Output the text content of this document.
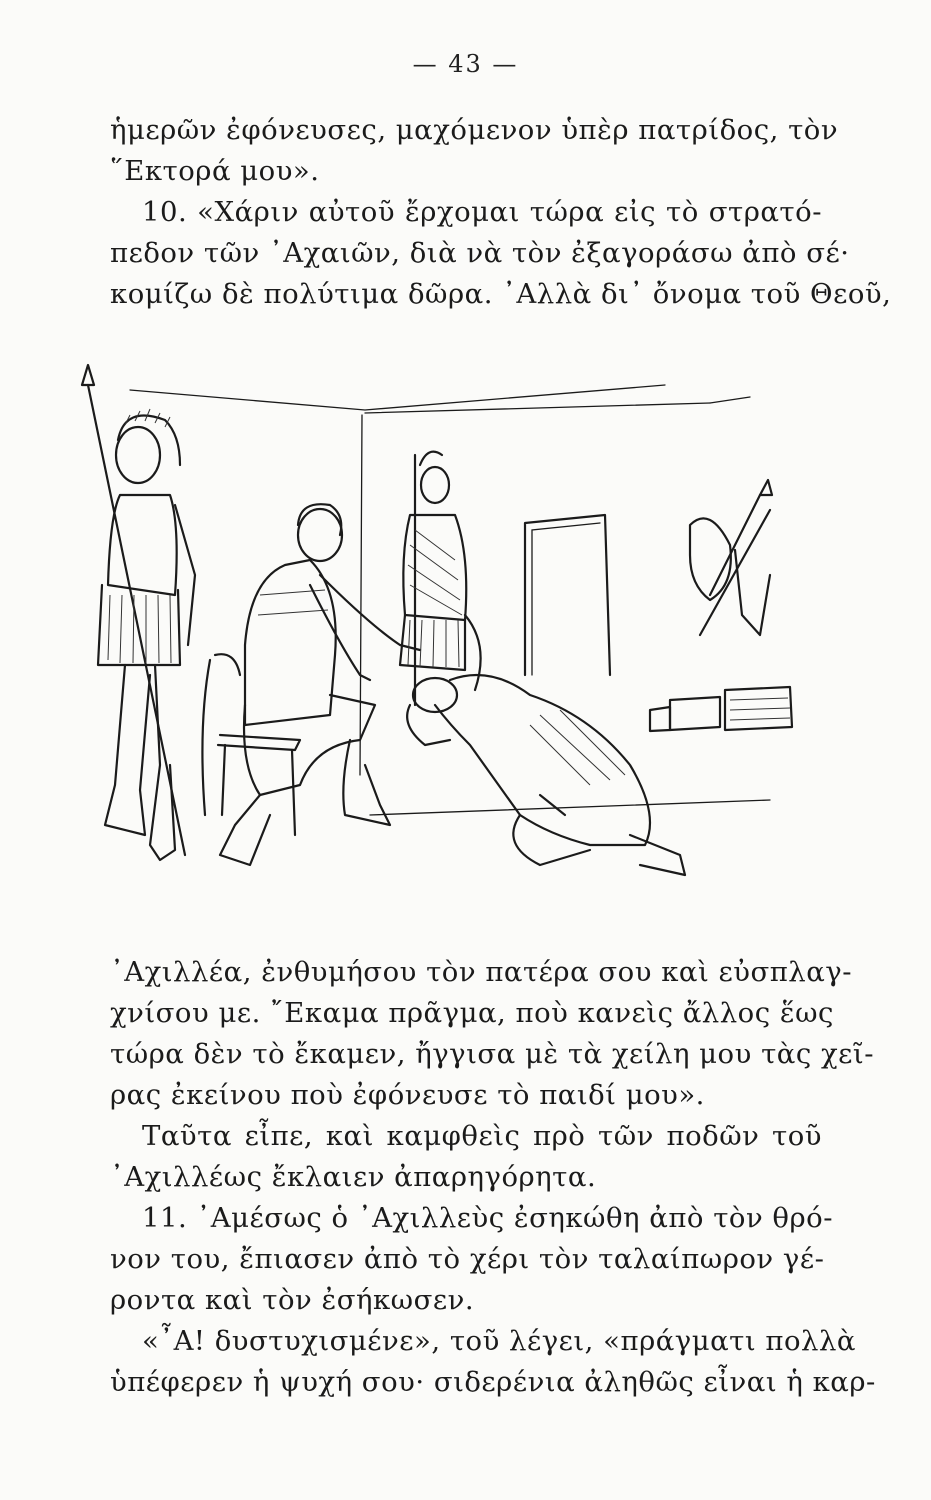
— 43 —
ἡμερῶν ἐφόνευσες, μαχόμενον ὑπὲρ πατρίδος, τὸν
῞Εκτορά μου».
10. «Χάριν αὐτοῦ ἔρχομαι τώρα εἰς τὸ στρατό-
πεδον τῶν ᾿Αχαιῶν, διὰ νὰ τὸν ἐξαγοράσω ἀπὸ σέ·
κομίζω δὲ πολύτιμα δῶρα. ᾿Αλλὰ δι᾿ ὄνομα τοῦ Θεοῦ,
᾿Αχιλλέα, ἐνθυμήσου τὸν πατέρα σου καὶ εὐσπλαγ-
χνίσου με. ῎Εκαμα πρᾶγμα, ποὺ κανεὶς ἄλλος ἕως
τώρα δὲν τὸ ἔκαμεν, ἤγγισα μὲ τὰ χείλη μου τὰς χεῖ-
ρας ἐκείνου ποὺ ἐφόνευσε τὸ παιδί μου».
Ταῦτα εἶπε, καὶ καμφθεὶς πρὸ τῶν ποδῶν τοῦ
᾿Αχιλλέως ἔκλαιεν ἀπαρηγόρητα.
11. ᾿Αμέσως ὁ ᾿Αχιλλεὺς ἐσηκώθη ἀπὸ τὸν θρό-
νον του, ἔπιασεν ἀπὸ τὸ χέρι τὸν ταλαίπωρον γέ-
ροντα καὶ τὸν ἐσήκωσεν.
«῏Α! δυστυχισμένε», τοῦ λέγει, «πράγματι πολλὰ
ὑπέφερεν ἡ ψυχή σου· σιδερένια ἀληθῶς εἶναι ἡ καρ-
